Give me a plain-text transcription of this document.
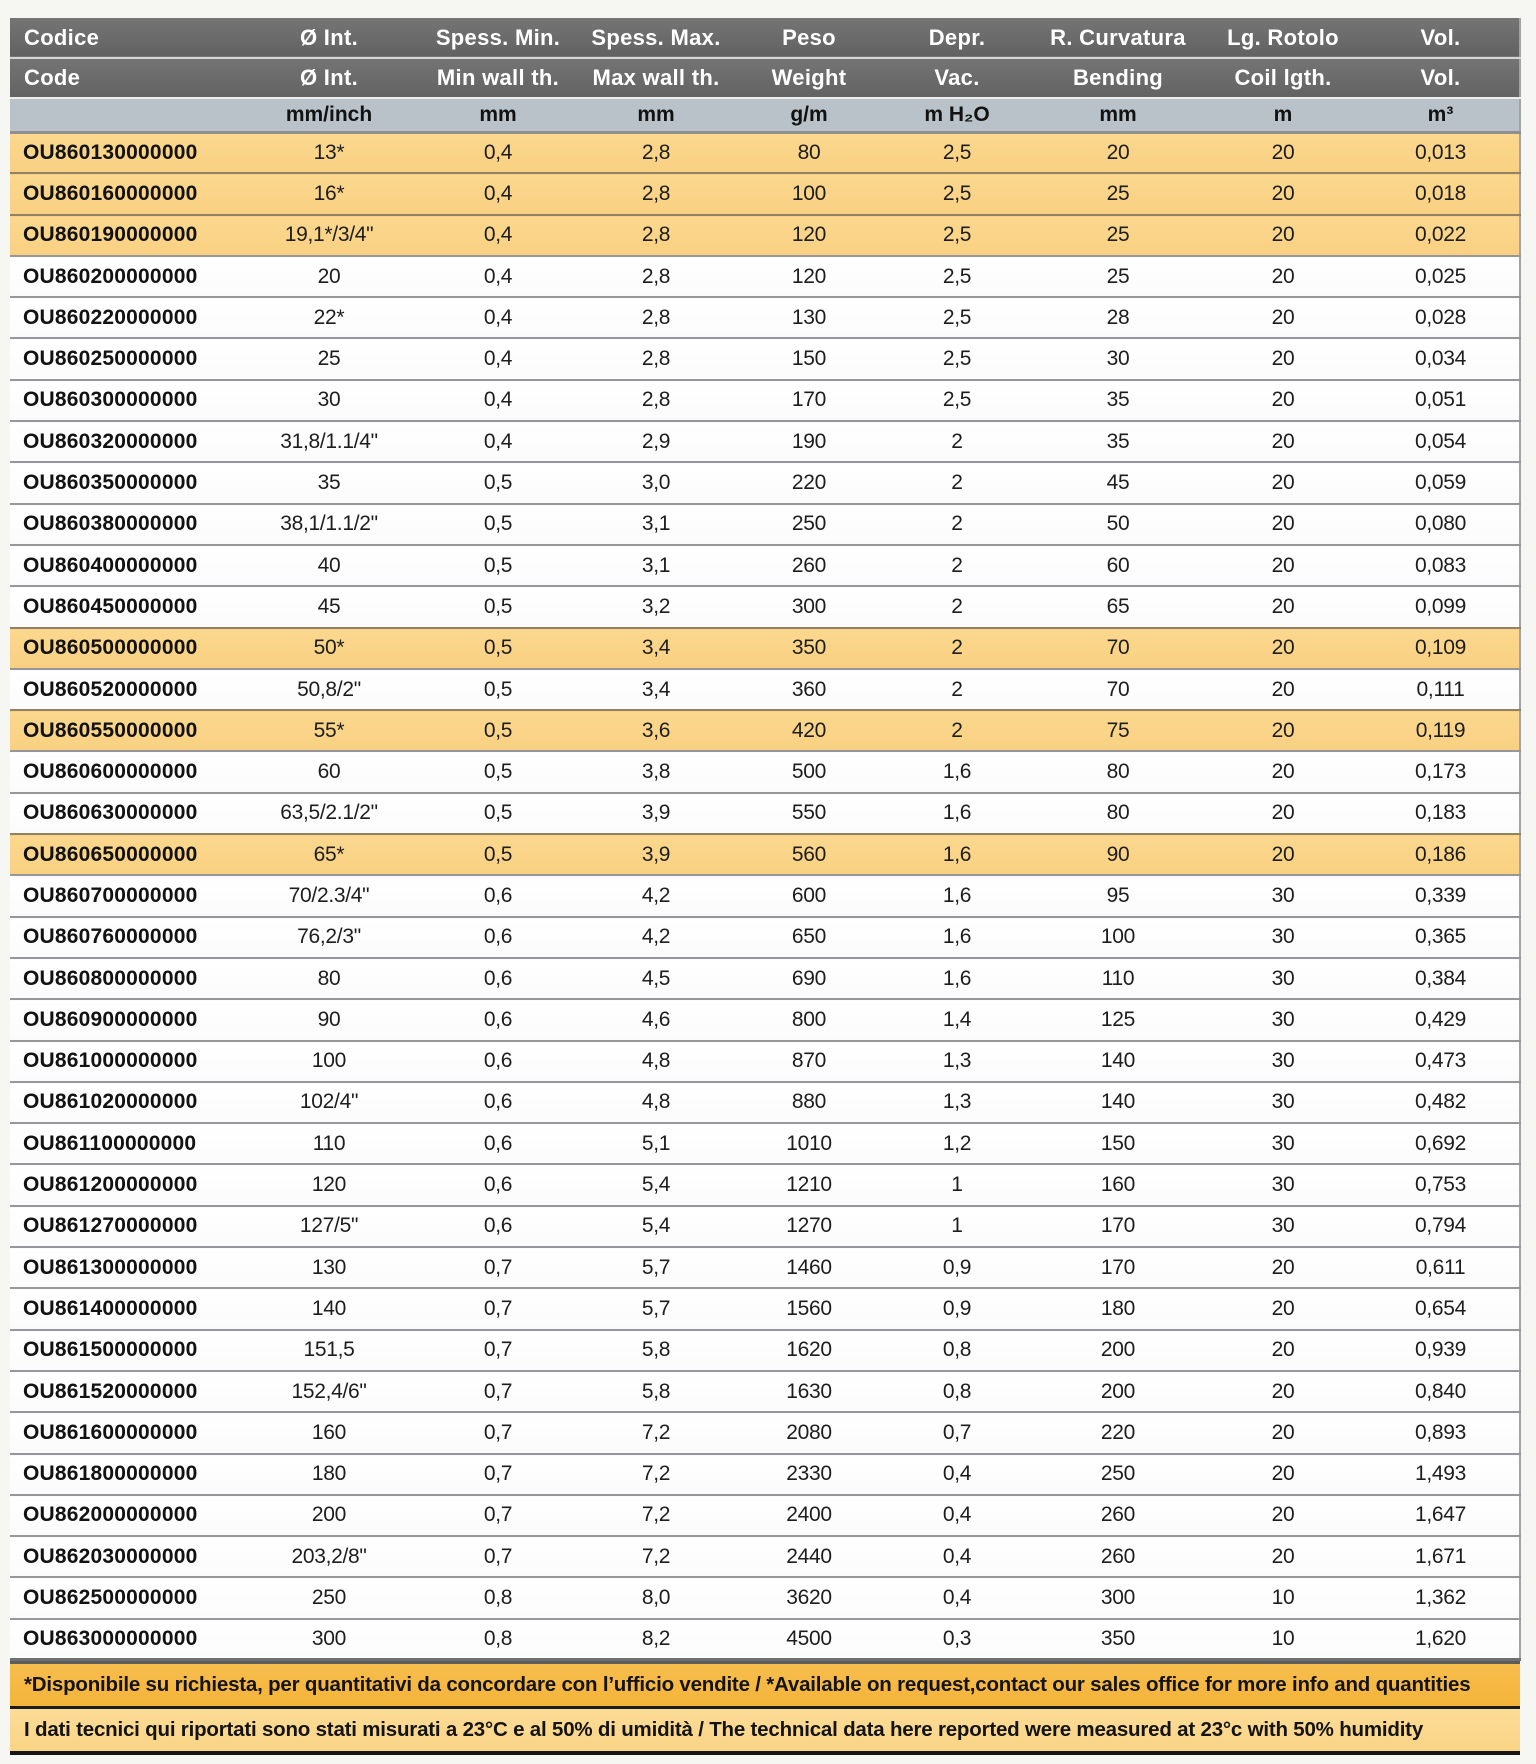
Codice	Ø Int.	Spess. Min.	Spess. Max.	Peso	Depr.	R. Curvatura	Lg. Rotolo	Vol.
Code	Ø Int.	Min wall th.	Max wall th.	Weight	Vac.	Bending	Coil lgth.	Vol.
	mm/inch	mm	mm	g/m	m H₂O	mm	m	m³
OU860130000000	13*	0,4	2,8	80	2,5	20	20	0,013
OU860160000000	16*	0,4	2,8	100	2,5	25	20	0,018
OU860190000000	19,1*/3/4"	0,4	2,8	120	2,5	25	20	0,022
OU860200000000	20	0,4	2,8	120	2,5	25	20	0,025
OU860220000000	22*	0,4	2,8	130	2,5	28	20	0,028
OU860250000000	25	0,4	2,8	150	2,5	30	20	0,034
OU860300000000	30	0,4	2,8	170	2,5	35	20	0,051
OU860320000000	31,8/1.1/4"	0,4	2,9	190	2	35	20	0,054
OU860350000000	35	0,5	3,0	220	2	45	20	0,059
OU860380000000	38,1/1.1/2"	0,5	3,1	250	2	50	20	0,080
OU860400000000	40	0,5	3,1	260	2	60	20	0,083
OU860450000000	45	0,5	3,2	300	2	65	20	0,099
OU860500000000	50*	0,5	3,4	350	2	70	20	0,109
OU860520000000	50,8/2"	0,5	3,4	360	2	70	20	0,111
OU860550000000	55*	0,5	3,6	420	2	75	20	0,119
OU860600000000	60	0,5	3,8	500	1,6	80	20	0,173
OU860630000000	63,5/2.1/2"	0,5	3,9	550	1,6	80	20	0,183
OU860650000000	65*	0,5	3,9	560	1,6	90	20	0,186
OU860700000000	70/2.3/4"	0,6	4,2	600	1,6	95	30	0,339
OU860760000000	76,2/3"	0,6	4,2	650	1,6	100	30	0,365
OU860800000000	80	0,6	4,5	690	1,6	110	30	0,384
OU860900000000	90	0,6	4,6	800	1,4	125	30	0,429
OU861000000000	100	0,6	4,8	870	1,3	140	30	0,473
OU861020000000	102/4"	0,6	4,8	880	1,3	140	30	0,482
OU861100000000	110	0,6	5,1	1010	1,2	150	30	0,692
OU861200000000	120	0,6	5,4	1210	1	160	30	0,753
OU861270000000	127/5"	0,6	5,4	1270	1	170	30	0,794
OU861300000000	130	0,7	5,7	1460	0,9	170	20	0,611
OU861400000000	140	0,7	5,7	1560	0,9	180	20	0,654
OU861500000000	151,5	0,7	5,8	1620	0,8	200	20	0,939
OU861520000000	152,4/6"	0,7	5,8	1630	0,8	200	20	0,840
OU861600000000	160	0,7	7,2	2080	0,7	220	20	0,893
OU861800000000	180	0,7	7,2	2330	0,4	250	20	1,493
OU862000000000	200	0,7	7,2	2400	0,4	260	20	1,647
OU862030000000	203,2/8"	0,7	7,2	2440	0,4	260	20	1,671
OU862500000000	250	0,8	8,0	3620	0,4	300	10	1,362
OU863000000000	300	0,8	8,2	4500	0,3	350	10	1,620
*Disponibile su richiesta, per quantitativi da concordare con l’ufficio vendite / *Available on request,contact our sales office for more info and quantities
I dati tecnici qui riportati sono stati misurati a 23°C e al 50% di umidità / The technical data here reported were measured at 23°c with 50% humidity
